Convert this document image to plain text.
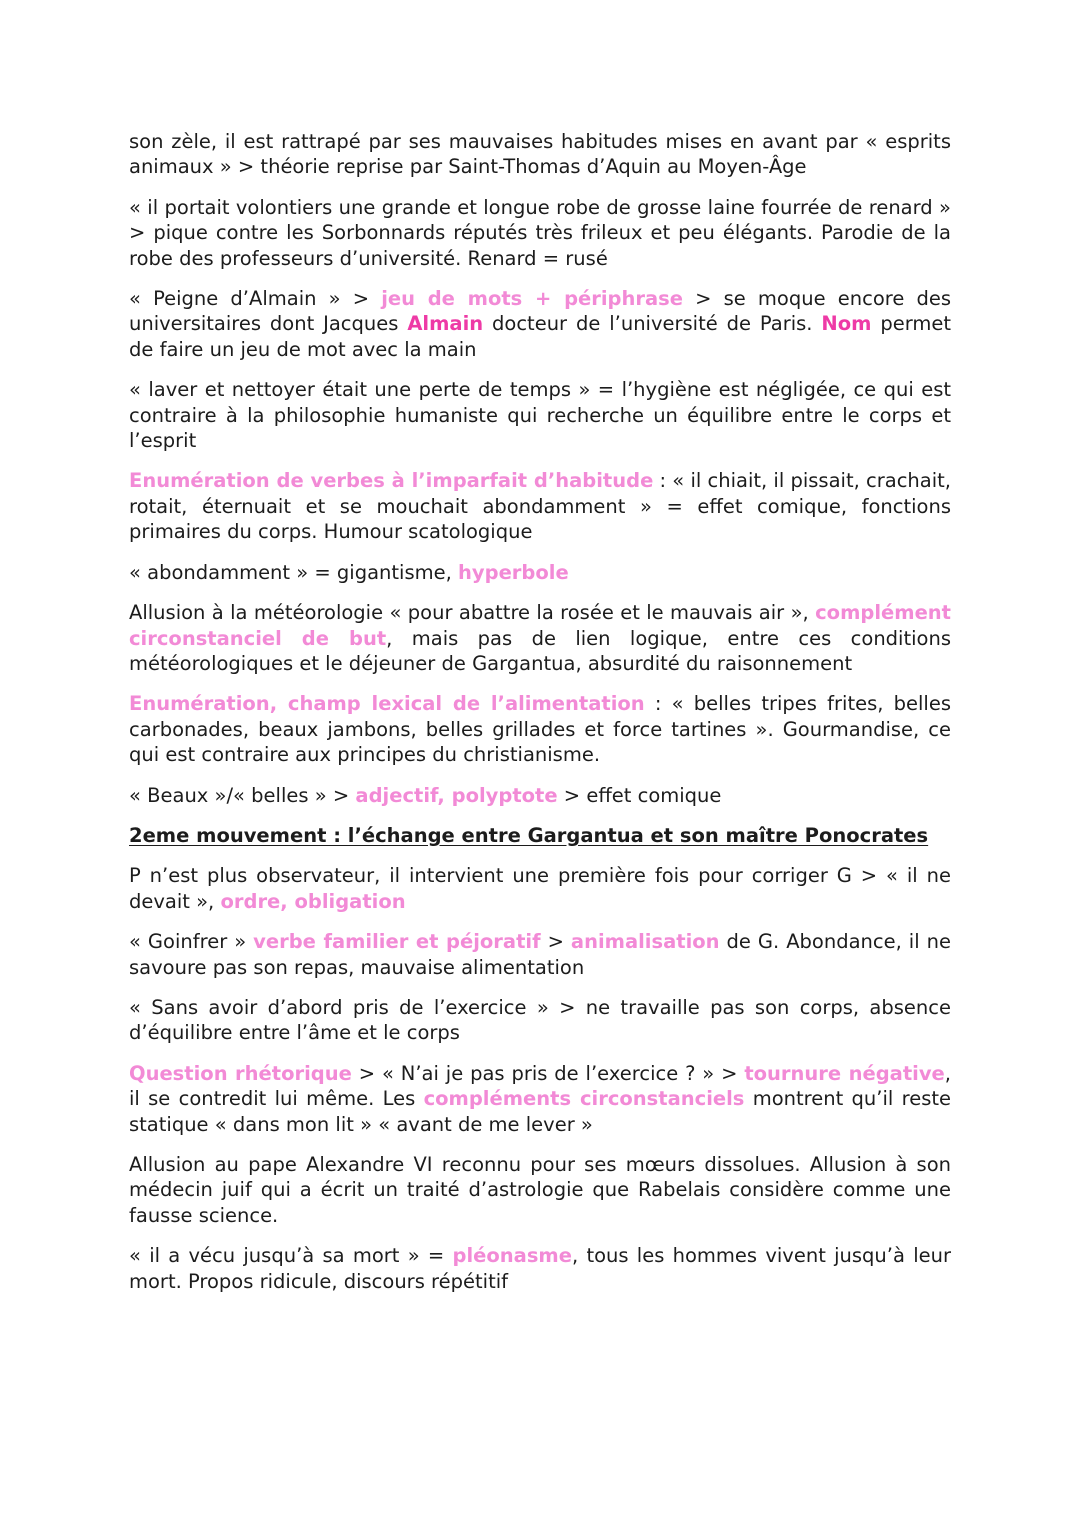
son zèle, il est rattrapé par ses mauvaises habitudes mises en avant par « esprits animaux » > théorie reprise par Saint-Thomas d’Aquin au Moyen-Âge

« il portait volontiers une grande et longue robe de grosse laine fourrée de renard » > pique contre les Sorbonnards réputés très frileux et peu élégants. Parodie de la robe des professeurs d’université. Renard = rusé

« Peigne d’Almain » > jeu de mots + périphrase > se moque encore des universitaires dont Jacques Almain docteur de l’université de Paris. Nom permet de faire un jeu de mot avec la main

« laver et nettoyer était une perte de temps » = l’hygiène est négligée, ce qui est contraire à la philosophie humaniste qui recherche un équilibre entre le corps et l’esprit

Enumération de verbes à l’imparfait d’habitude : « il chiait, il pissait, crachait, rotait, éternuait et se mouchait abondamment » = effet comique, fonctions primaires du corps. Humour scatologique

« abondamment » = gigantisme, hyperbole

Allusion à la météorologie « pour abattre la rosée et le mauvais air », complément circonstanciel de but, mais pas de lien logique, entre ces conditions météorologiques et le déjeuner de Gargantua, absurdité du raisonnement

Enumération, champ lexical de l’alimentation : « belles tripes frites, belles carbonades, beaux jambons, belles grillades et force tartines ». Gourmandise, ce qui est contraire aux principes du christianisme.

« Beaux »/« belles » > adjectif, polyptote > effet comique

2eme mouvement : l’échange entre Gargantua et son maître Ponocrates

P n’est plus observateur, il intervient une première fois pour corriger G > « il ne devait », ordre, obligation

« Goinfrer » verbe familier et péjoratif > animalisation de G. Abondance, il ne savoure pas son repas, mauvaise alimentation

« Sans avoir d’abord pris de l’exercice » > ne travaille pas son corps, absence d’équilibre entre l’âme et le corps

Question rhétorique > « N’ai je pas pris de l’exercice ? » > tournure négative, il se contredit lui même. Les compléments circonstanciels montrent qu’il reste statique « dans mon lit » « avant de me lever »

Allusion au pape Alexandre VI reconnu pour ses mœurs dissolues. Allusion à son médecin juif qui a écrit un traité d’astrologie que Rabelais considère comme une fausse science.

« il a vécu jusqu’à sa mort » = pléonasme, tous les hommes vivent jusqu’à leur mort. Propos ridicule, discours répétitif
